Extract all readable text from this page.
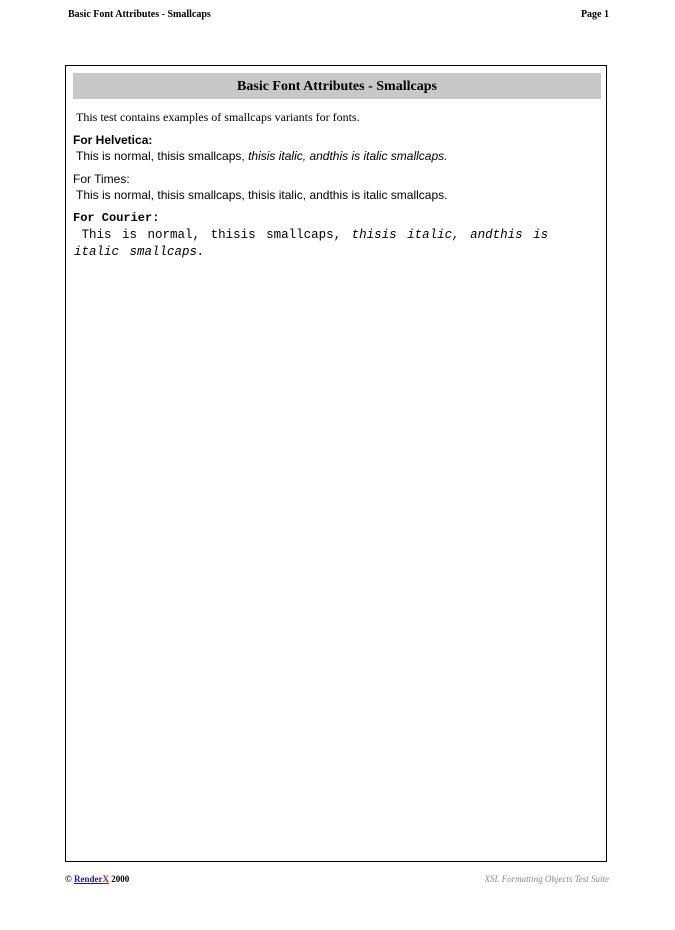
Basic Font Attributes - Smallcaps	Page 1
Basic Font Attributes - Smallcaps
This test contains examples of smallcaps variants for fonts.
For Helvetica:
This is normal, thisis smallcaps, thisis italic, andthis is italic smallcaps.
For Times:
This is normal, thisis smallcaps, thisis italic, andthis is italic smallcaps.
For Courier:
This is normal, thisis smallcaps, thisis italic, andthis is italic smallcaps.
© RenderX 2000	XSL Formatting Objects Test Suite
